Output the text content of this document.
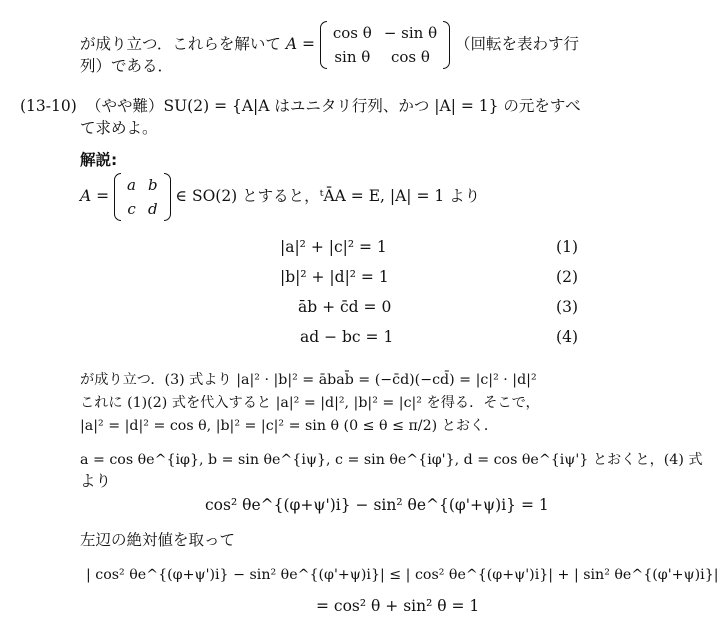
が成り立つ．これらを解いて A =
cos θ	− sin θ
sin θ	cos θ
（回転を表わす行
列）である．
(13-10) （やや難）SU(2) = {A|A はユニタリ行列、かつ |A| = 1} の元をすべ
て求めよ。
解説:
A =
a	b
c	d
∈ SO(2) とすると，ᵗĀA = E, |A| = 1 より
|a|² + |c|² = 1	(1)
|b|² + |d|² = 1	(2)
āb + c̄d = 0	(3)
ad − bc = 1	(4)
が成り立つ．(3) 式より |a|² · |b|² = ābab̄ = (−c̄d)(−cd̄) = |c|² · |d|²
これに (1)(2) 式を代入すると |a|² = |d|², |b|² = |c|² を得る．そこで，
|a|² = |d|² = cos θ, |b|² = |c|² = sin θ (0 ≤ θ ≤ π/2) とおく．
a = cos θe^{iφ}, b = sin θe^{iψ}, c = sin θe^{iφ'}, d = cos θe^{iψ'} とおくと，(4) 式
より
cos² θe^{(φ+ψ')i} − sin² θe^{(φ'+ψ)i} = 1
左辺の絶対値を取って
| cos² θe^{(φ+ψ')i} − sin² θe^{(φ'+ψ)i}| ≤ | cos² θe^{(φ+ψ')i}| + | sin² θe^{(φ'+ψ)i}|
= cos² θ + sin² θ = 1
